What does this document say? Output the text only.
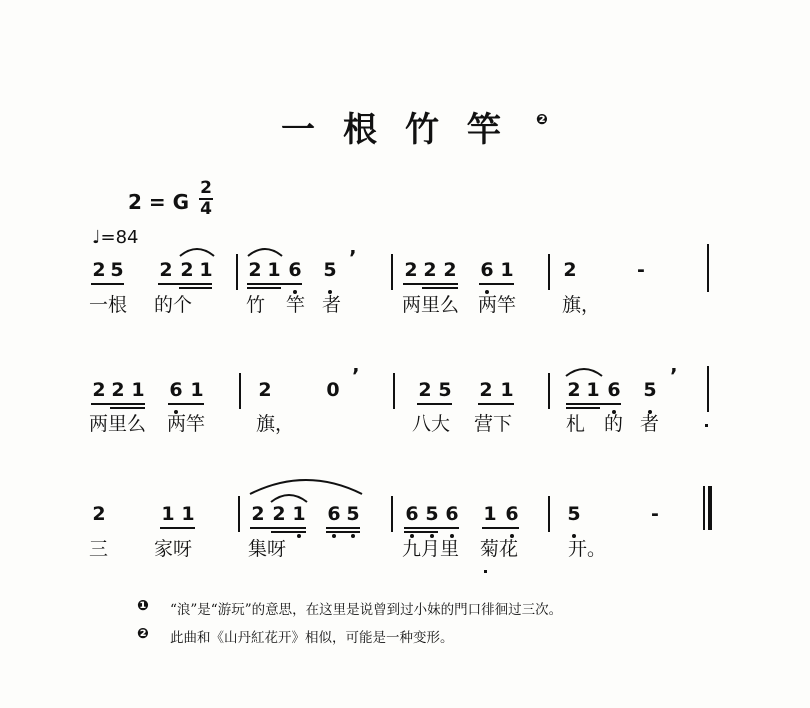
一根竹竿 ❷
2 = G
2
4
♩=84
2 5 2 2 1 2 1 6 5 ’	2 2 2 6 1	2	-
一根 的个	竹 竿 者	两里么 两竿 旗，
2 2 1 6 1	2	0
’
2 5 2 1	2 1 6 5
’
两里么 两竿	旗，	八大 营下	札 的 者
2	1 1	2 2 1 6 5 6 5 6 1 6	5	-
三 家呀	集呀	九月里 菊花	开。
❶ “浪”是“游玩”的意思，在这里是说曾到过小妹的門口徘徊过三次。
❷ 此曲和《山丹紅花开》相似，可能是一种变形。
